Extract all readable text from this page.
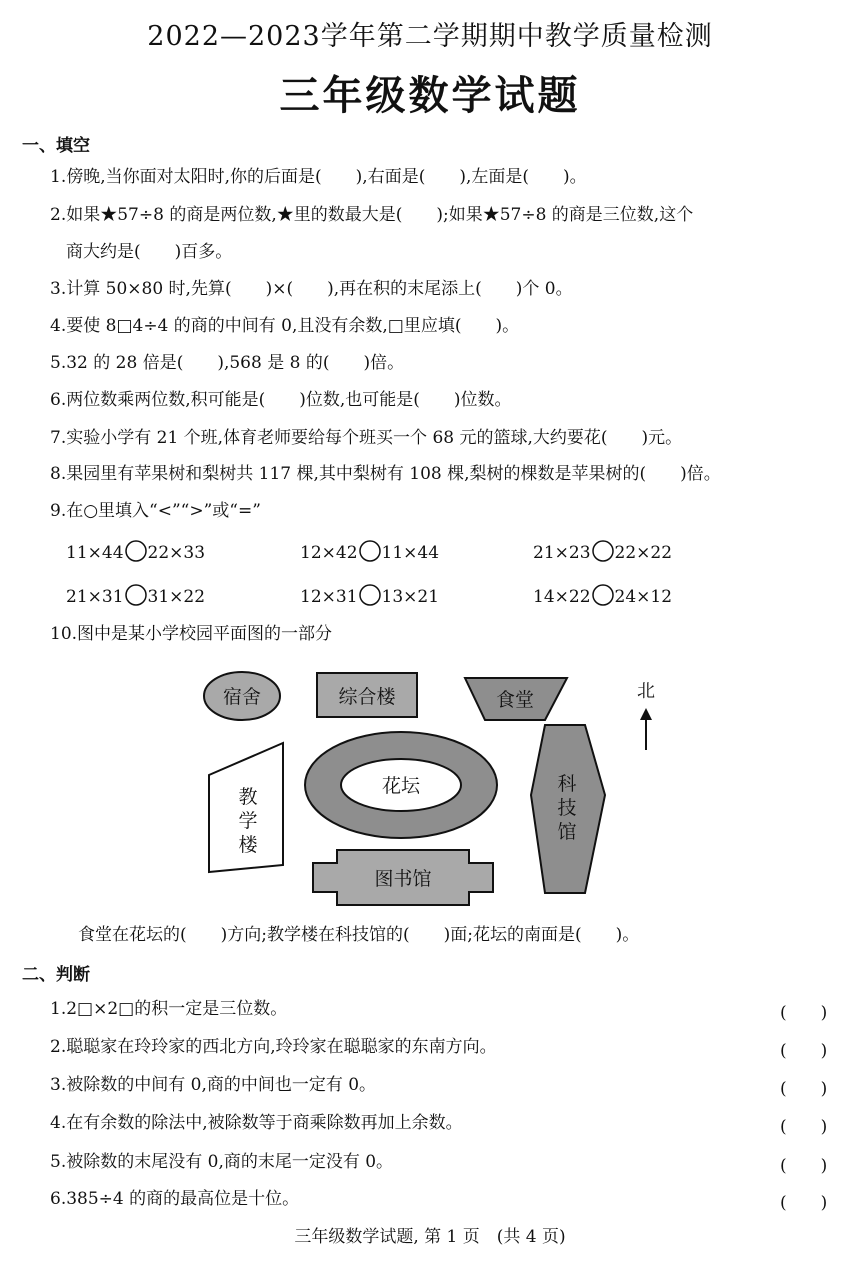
2022—2023学年第二学期期中教学质量检测
三年级数学试题
一、填空
1.傍晚,当你面对太阳时,你的后面是(　　),右面是(　　),左面是(　　)。
2.如果★57÷8 的商是两位数,★里的数最大是(　　);如果★57÷8 的商是三位数,这个
商大约是(　　)百多。
3.计算 50×80 时,先算(　　)×(　　),再在积的末尾添上(　　)个 0。
4.要使 8□4÷4 的商的中间有 0,且没有余数,□里应填(　　)。
5.32 的 28 倍是(　　),568 是 8 的(　　)倍。
6.两位数乘两位数,积可能是(　　)位数,也可能是(　　)位数。
7.实验小学有 21 个班,体育老师要给每个班买一个 68 元的篮球,大约要花(　　)元。
8.果园里有苹果树和梨树共 117 棵,其中梨树有 108 棵,梨树的棵数是苹果树的(　　)倍。
9.在○里填入“<”“>”或“=”
11×44 22×33	12×42 11×44	21×23 22×22
21×31 31×22	12×31 13×21	14×22 24×12
10.图中是某小学校园平面图的一部分
宿舍	综合楼	食堂	北
教
学
楼
花坛	科
技
馆
图书馆
食堂在花坛的(　　)方向;教学楼在科技馆的(　　)面;花坛的南面是(　　)。
二、判断
1.2□×2□的积一定是三位数。	(　　)
2.聪聪家在玲玲家的西北方向,玲玲家在聪聪家的东南方向。	(　　)
3.被除数的中间有 0,商的中间也一定有 0。	(　　)
4.在有余数的除法中,被除数等于商乘除数再加上余数。	(　　)
5.被除数的末尾没有 0,商的末尾一定没有 0。	(　　)
6.385÷4 的商的最高位是十位。	(　　)
三年级数学试题, 第 1 页　(共 4 页)
